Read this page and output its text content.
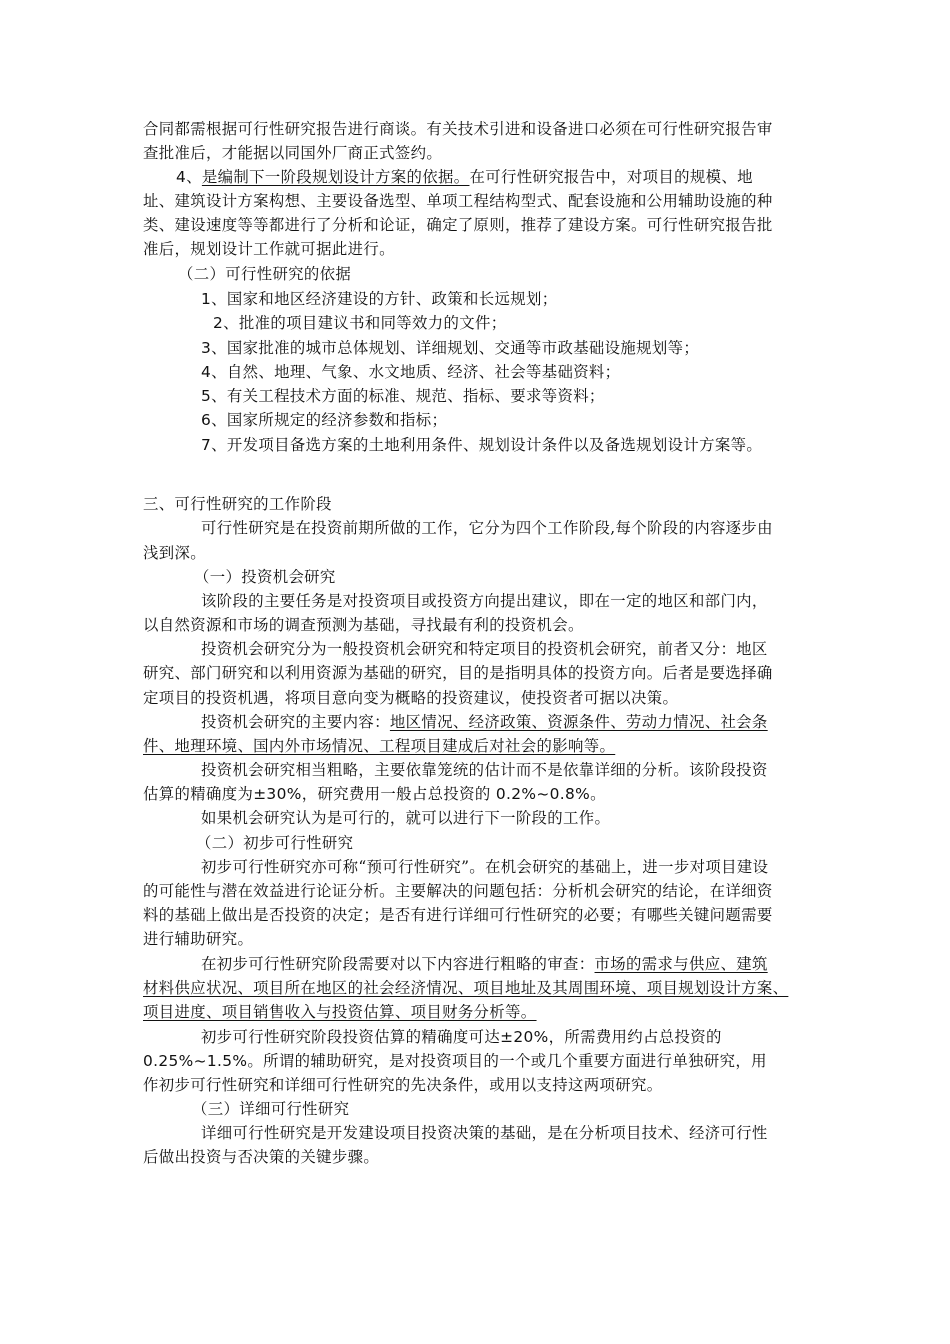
合同都需根据可行性研究报告进行商谈。有关技术引进和设备进口必须在可行性研究报告审
查批准后，才能据以同国外厂商正式签约。
4、是编制下一阶段规划设计方案的依据。在可行性研究报告中，对项目的规模、地
址、建筑设计方案构想、主要设备选型、单项工程结构型式、配套设施和公用辅助设施的种
类、建设速度等等都进行了分析和论证，确定了原则，推荐了建设方案。可行性研究报告批
准后，规划设计工作就可据此进行。
（二）可行性研究的依据
1、国家和地区经济建设的方针、政策和长远规划；
2、批准的项目建议书和同等效力的文件；
3、国家批准的城市总体规划、详细规划、交通等市政基础设施规划等；
4、自然、地理、气象、水文地质、经济、社会等基础资料；
5、有关工程技术方面的标准、规范、指标、要求等资料；
6、国家所规定的经济参数和指标；
7、开发项目备选方案的土地利用条件、规划设计条件以及备选规划设计方案等。
三、可行性研究的工作阶段
可行性研究是在投资前期所做的工作，它分为四个工作阶段,每个阶段的内容逐步由
浅到深。
（一）投资机会研究
该阶段的主要任务是对投资项目或投资方向提出建议，即在一定的地区和部门内，
以自然资源和市场的调查预测为基础，寻找最有利的投资机会。
投资机会研究分为一般投资机会研究和特定项目的投资机会研究，前者又分：地区
研究、部门研究和以利用资源为基础的研究，目的是指明具体的投资方向。后者是要选择确
定项目的投资机遇，将项目意向变为概略的投资建议，使投资者可据以决策。
投资机会研究的主要内容：地区情况、经济政策、资源条件、劳动力情况、社会条
件、地理环境、国内外市场情况、工程项目建成后对社会的影响等。
投资机会研究相当粗略，主要依靠笼统的估计而不是依靠详细的分析。该阶段投资
估算的精确度为±30%，研究费用一般占总投资的 0.2%~0.8%。
如果机会研究认为是可行的，就可以进行下一阶段的工作。
（二）初步可行性研究
初步可行性研究亦可称“预可行性研究”。在机会研究的基础上，进一步对项目建设
的可能性与潜在效益进行论证分析。主要解决的问题包括：分析机会研究的结论，在详细资
料的基础上做出是否投资的决定；是否有进行详细可行性研究的必要；有哪些关键问题需要
进行辅助研究。
在初步可行性研究阶段需要对以下内容进行粗略的审查：市场的需求与供应、建筑
材料供应状况、项目所在地区的社会经济情况、项目地址及其周围环境、项目规划设计方案、
项目进度、项目销售收入与投资估算、项目财务分析等。
初步可行性研究阶段投资估算的精确度可达±20%，所需费用约占总投资的
0.25%~1.5%。所谓的辅助研究，是对投资项目的一个或几个重要方面进行单独研究，用
作初步可行性研究和详细可行性研究的先决条件，或用以支持这两项研究。
（三）详细可行性研究
详细可行性研究是开发建设项目投资决策的基础，是在分析项目技术、经济可行性
后做出投资与否决策的关键步骤。
